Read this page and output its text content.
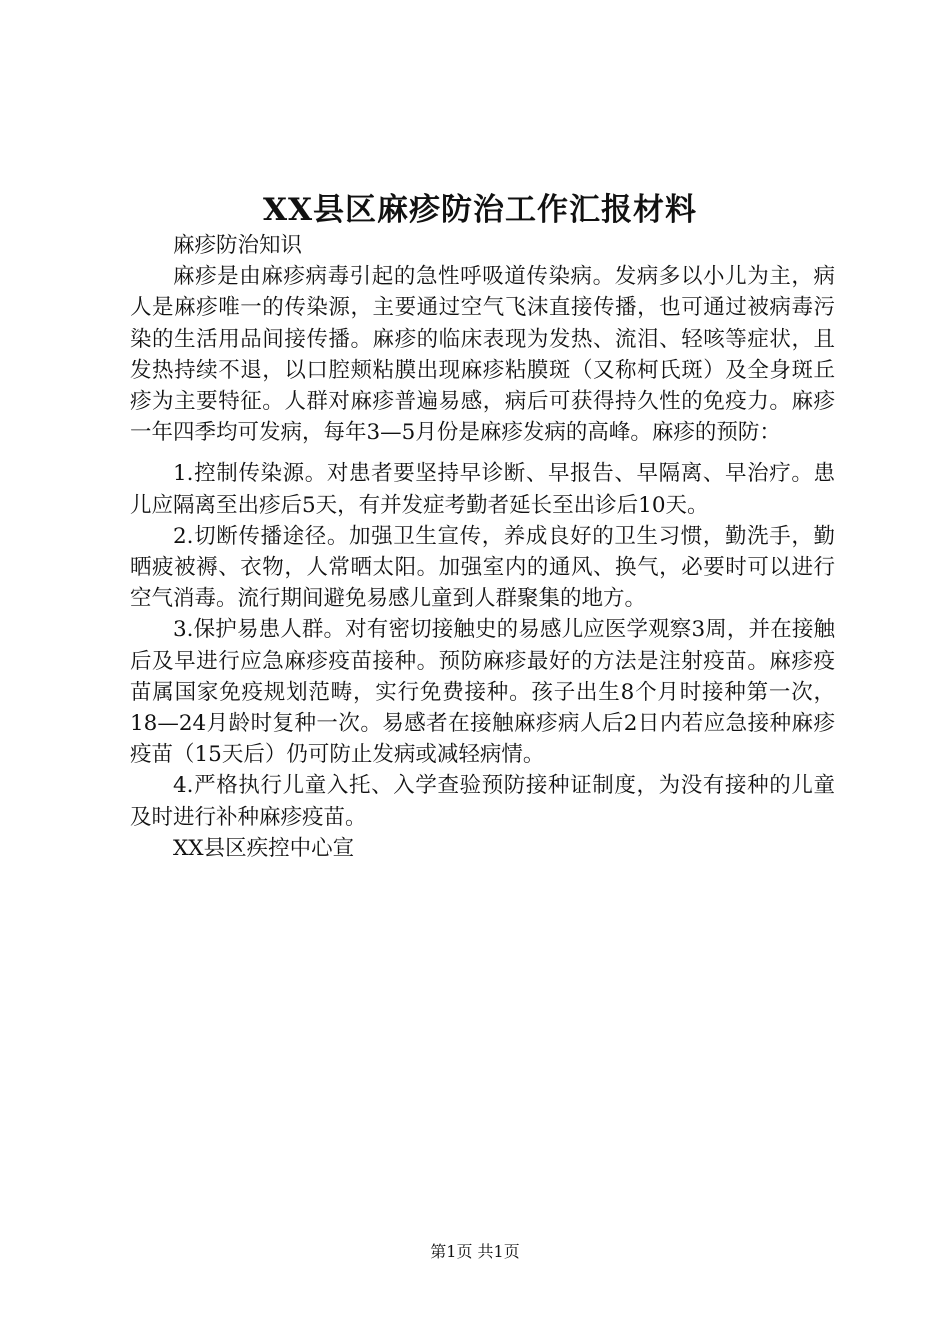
XX县区麻疹防治工作汇报材料

麻疹防治知识

麻疹是由麻疹病毒引起的急性呼吸道传染病。发病多以小儿为主，病人是麻疹唯一的传染源，主要通过空气飞沫直接传播，也可通过被病毒污染的生活用品间接传播。麻疹的临床表现为发热、流泪、轻咳等症状，且发热持续不退，以口腔颊粘膜出现麻疹粘膜斑（又称柯氏斑）及全身斑丘疹为主要特征。人群对麻疹普遍易感，病后可获得持久性的免疫力。麻疹一年四季均可发病，每年3—5月份是麻疹发病的高峰。麻疹的预防：

1.控制传染源。对患者要坚持早诊断、早报告、早隔离、早治疗。患儿应隔离至出疹后5天，有并发症考勤者延长至出诊后10天。

2.切断传播途径。加强卫生宣传，养成良好的卫生习惯，勤洗手，勤晒疲被褥、衣物，人常晒太阳。加强室内的通风、换气，必要时可以进行空气消毒。流行期间避免易感儿童到人群聚集的地方。

3.保护易患人群。对有密切接触史的易感儿应医学观察3周，并在接触后及早进行应急麻疹疫苗接种。预防麻疹最好的方法是注射疫苗。麻疹疫苗属国家免疫规划范畴，实行免费接种。孩子出生8个月时接种第一次，18—24月龄时复种一次。易感者在接触麻疹病人后2日内若应急接种麻疹疫苗（15天后）仍可防止发病或减轻病情。

4.严格执行儿童入托、入学查验预防接种证制度，为没有接种的儿童及时进行补种麻疹疫苗。

XX县区疾控中心宣

第1页 共1页
